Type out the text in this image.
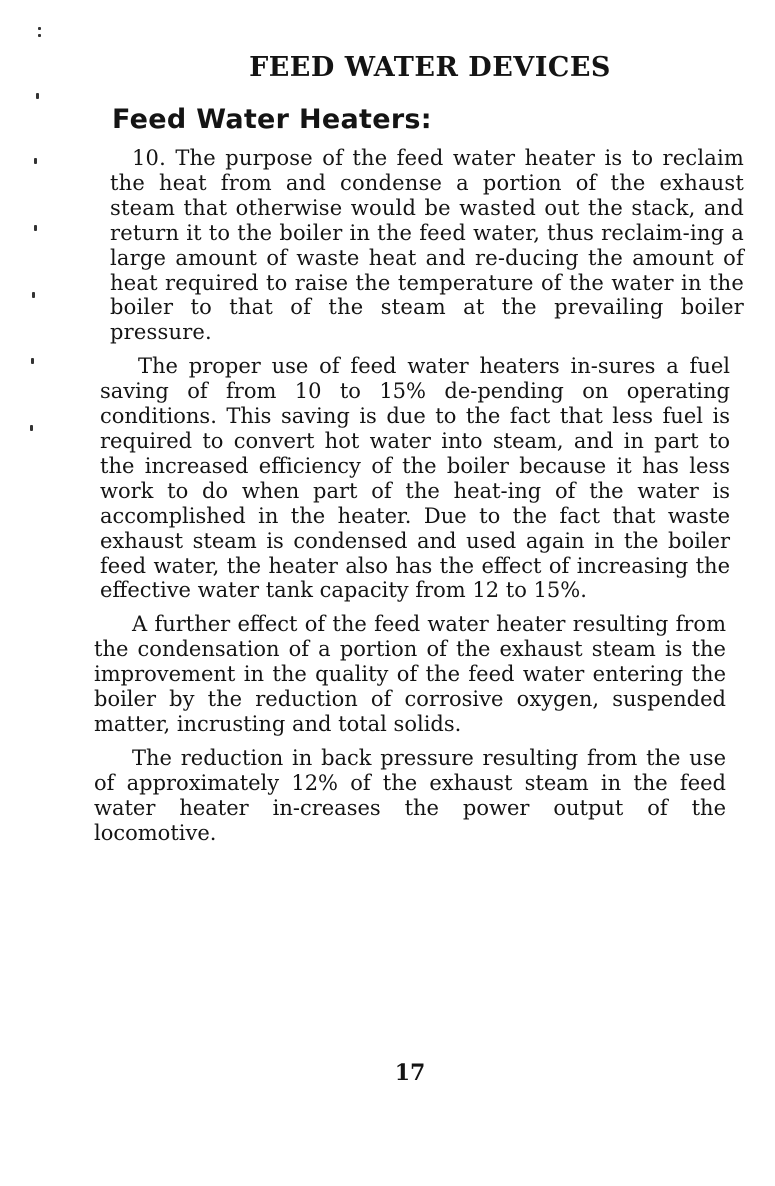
FEED WATER DEVICES
Feed Water Heaters:

10. The purpose of the feed water heater is to reclaim the heat from and condense a portion of the exhaust steam that otherwise would be wasted out the stack, and return it to the boiler in the feed water, thus reclaim-ing a large amount of waste heat and re-ducing the amount of heat required to raise the temperature of the water in the boiler to that of the steam at the prevailing boiler pressure.

The proper use of feed water heaters in-sures a fuel saving of from 10 to 15% de-pending on operating conditions. This saving is due to the fact that less fuel is required to convert hot water into steam, and in part to the increased efficiency of the boiler because it has less work to do when part of the heat-ing of the water is accomplished in the heater. Due to the fact that waste exhaust steam is condensed and used again in the boiler feed water, the heater also has the effect of increasing the effective water tank capacity from 12 to 15%.

A further effect of the feed water heater resulting from the condensation of a portion of the exhaust steam is the improvement in the quality of the feed water entering the boiler by the reduction of corrosive oxygen, suspended matter, incrusting and total solids.

The reduction in back pressure resulting from the use of approximately 12% of the exhaust steam in the feed water heater in-creases the power output of the locomotive.

17
